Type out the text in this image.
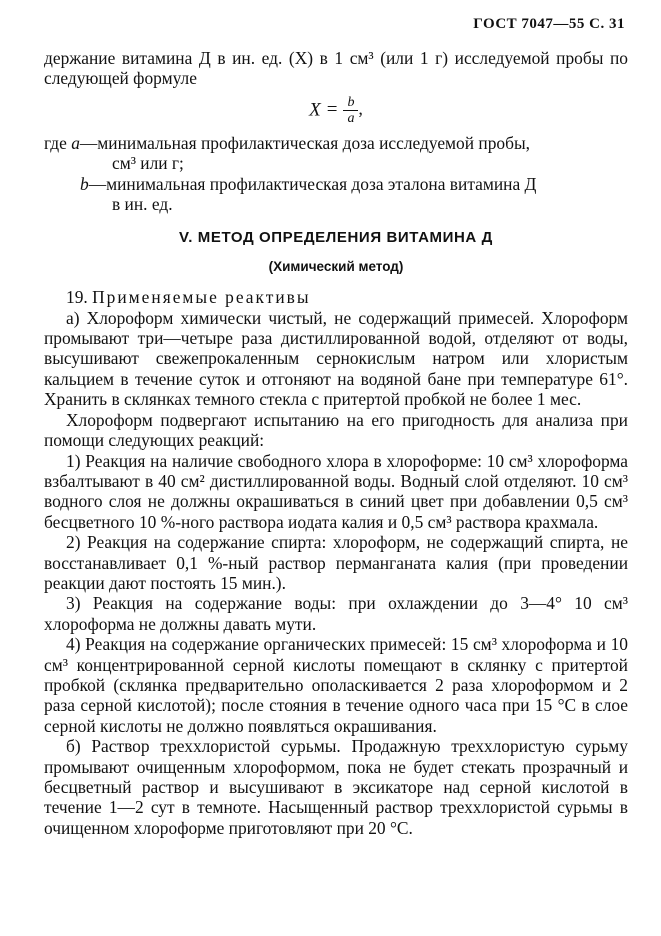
ГОСТ 7047—55 С. 31

держание витамина Д в ин. ед. (X) в 1 см³ (или 1 г) исследуемой пробы по следующей формуле

$X = \frac{b}{a}$ ,
где
a — минимальная профилактическая доза исследуемой пробы,
см³ или г;
b — минимальная профилактическая доза эталона витамина Д
в ин. ед.
V. МЕТОД ОПРЕДЕЛЕНИЯ ВИТАМИНА Д
(Химический метод)

19. Применяемые реактивы

а) Хлороформ химически чистый, не содержащий примесей. Хлороформ промывают три—четыре раза дистиллированной водой, отделяют от воды, высушивают свежепрокаленным сернокислым натром или хлористым кальцием в течение суток и отгоняют на водяной бане при температуре 61°. Хранить в склянках темного стекла с притертой пробкой не более 1 мес.

Хлороформ подвергают испытанию на его пригодность для анализа при помощи следующих реакций:

1) Реакция на наличие свободного хлора в хлороформе: 10 см³ хлороформа взбалтывают в 40 см² дистиллированной воды. Водный слой отделяют. 10 см³ водного слоя не должны окрашиваться в синий цвет при добавлении 0,5 см³ бесцветного 10 %-ного раствора иодата калия и 0,5 см³ раствора крахмала.

2) Реакция на содержание спирта: хлороформ, не содержащий спирта, не восстанавливает 0,1 %-ный раствор перманганата калия (при проведении реакции дают постоять 15 мин.).

3) Реакция на содержание воды: при охлаждении до 3—4° 10 см³ хлороформа не должны давать мути.

4) Реакция на содержание органических примесей: 15 см³ хлороформа и 10 см³ концентрированной серной кислоты помещают в склянку с притертой пробкой (склянка предварительно ополаскивается 2 раза хлороформом и 2 раза серной кислотой); после стояния в течение одного часа при 15 °С в слое серной кислоты не должно появляться окрашивания.

б) Раствор треххлористой сурьмы. Продажную треххлористую сурьму промывают очищенным хлороформом, пока не будет стекать прозрачный и бесцветный раствор и высушивают в эксикаторе над серной кислотой в течение 1—2 сут в темноте. Насыщенный раствор треххлористой сурьмы в очищенном хлороформе приготовляют при 20 °С.
